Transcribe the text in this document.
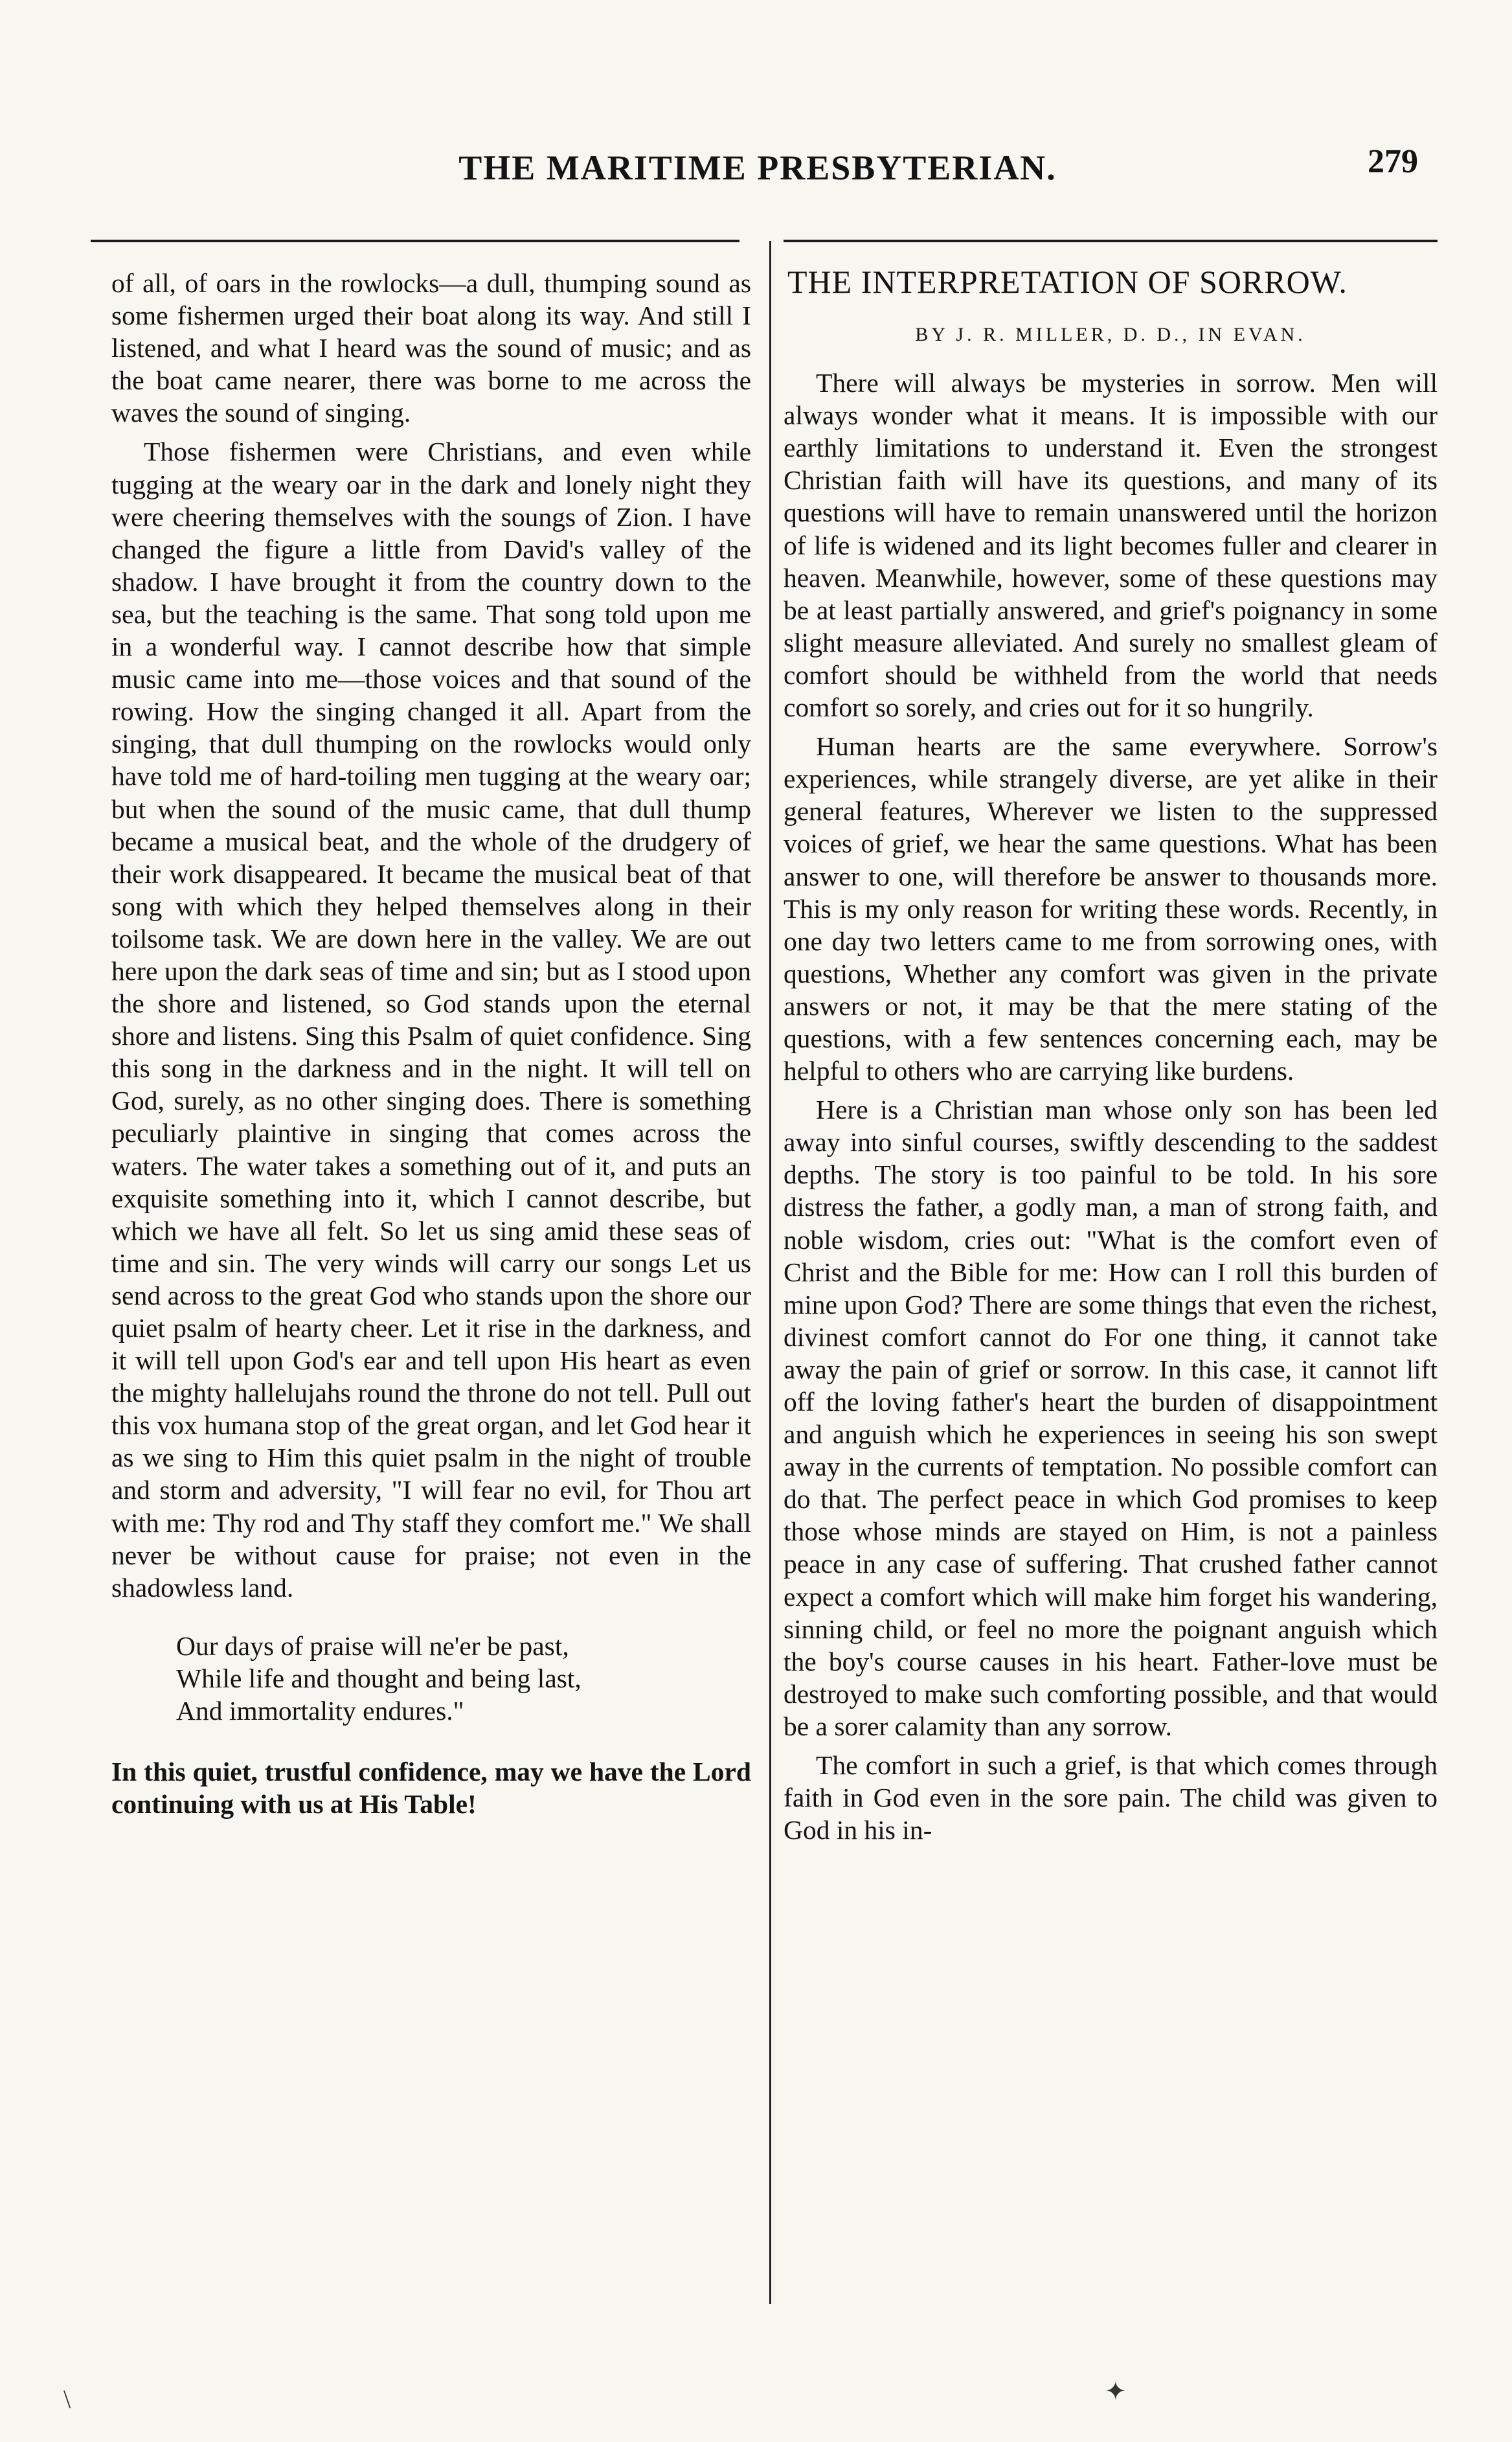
THE MARITIME PRESBYTERIAN.	279

of all, of oars in the rowlocks—a dull, thumping sound as some fishermen urged their boat along its way. And still I listened, and what I heard was the sound of music; and as the boat came nearer, there was borne to me across the waves the sound of singing.

Those fishermen were Christians, and even while tugging at the weary oar in the dark and lonely night they were cheering themselves with the soungs of Zion. I have changed the figure a little from David's valley of the shadow. I have brought it from the country down to the sea, but the teaching is the same. That song told upon me in a wonderful way. I cannot describe how that simple music came into me—those voices and that sound of the rowing. How the singing changed it all. Apart from the singing, that dull thumping on the rowlocks would only have told me of hard-toiling men tugging at the weary oar; but when the sound of the music came, that dull thump became a musical beat, and the whole of the drudgery of their work disappeared. It became the musical beat of that song with which they helped themselves along in their toilsome task. We are down here in the valley. We are out here upon the dark seas of time and sin; but as I stood upon the shore and listened, so God stands upon the eternal shore and listens. Sing this Psalm of quiet confidence. Sing this song in the darkness and in the night. It will tell on God, surely, as no other singing does. There is something peculiarly plaintive in singing that comes across the waters. The water takes a something out of it, and puts an exquisite something into it, which I cannot describe, but which we have all felt. So let us sing amid these seas of time and sin. The very winds will carry our songs Let us send across to the great God who stands upon the shore our quiet psalm of hearty cheer. Let it rise in the darkness, and it will tell upon God's ear and tell upon His heart as even the mighty hallelujahs round the throne do not tell. Pull out this vox humana stop of the great organ, and let God hear it as we sing to Him this quiet psalm in the night of trouble and storm and adversity, "I will fear no evil, for Thou art with me: Thy rod and Thy staff they comfort me." We shall never be without cause for praise; not even in the shadowless land.

Our days of praise will ne'er be past,
While life and thought and being last,
And immortality endures."

In this quiet, trustful confidence, may we have the Lord continuing with us at His Table!

THE INTERPRETATION OF SORROW.
BY J. R. MILLER, D. D., IN EVAN.

There will always be mysteries in sorrow. Men will always wonder what it means. It is impossible with our earthly limitations to understand it. Even the strongest Christian faith will have its questions, and many of its questions will have to remain unanswered until the horizon of life is widened and its light becomes fuller and clearer in heaven. Meanwhile, however, some of these questions may be at least partially answered, and grief's poignancy in some slight measure alleviated. And surely no smallest gleam of comfort should be withheld from the world that needs comfort so sorely, and cries out for it so hungrily.

Human hearts are the same everywhere. Sorrow's experiences, while strangely diverse, are yet alike in their general features, Wherever we listen to the suppressed voices of grief, we hear the same questions. What has been answer to one, will therefore be answer to thousands more. This is my only reason for writing these words. Recently, in one day two letters came to me from sorrowing ones, with questions, Whether any comfort was given in the private answers or not, it may be that the mere stating of the questions, with a few sentences concerning each, may be helpful to others who are carrying like burdens.

Here is a Christian man whose only son has been led away into sinful courses, swiftly descending to the saddest depths. The story is too painful to be told. In his sore distress the father, a godly man, a man of strong faith, and noble wisdom, cries out: "What is the comfort even of Christ and the Bible for me: How can I roll this burden of mine upon God? There are some things that even the richest, divinest comfort cannot do For one thing, it cannot take away the pain of grief or sorrow. In this case, it cannot lift off the loving father's heart the burden of disappointment and anguish which he experiences in seeing his son swept away in the currents of temptation. No possible comfort can do that. The perfect peace in which God promises to keep those whose minds are stayed on Him, is not a painless peace in any case of suffering. That crushed father cannot expect a comfort which will make him forget his wandering, sinning child, or feel no more the poignant anguish which the boy's course causes in his heart. Father-love must be destroyed to make such comforting possible, and that would be a sorer calamity than any sorrow.

The comfort in such a grief, is that which comes through faith in God even in the sore pain. The child was given to God in his in-

\	✦
